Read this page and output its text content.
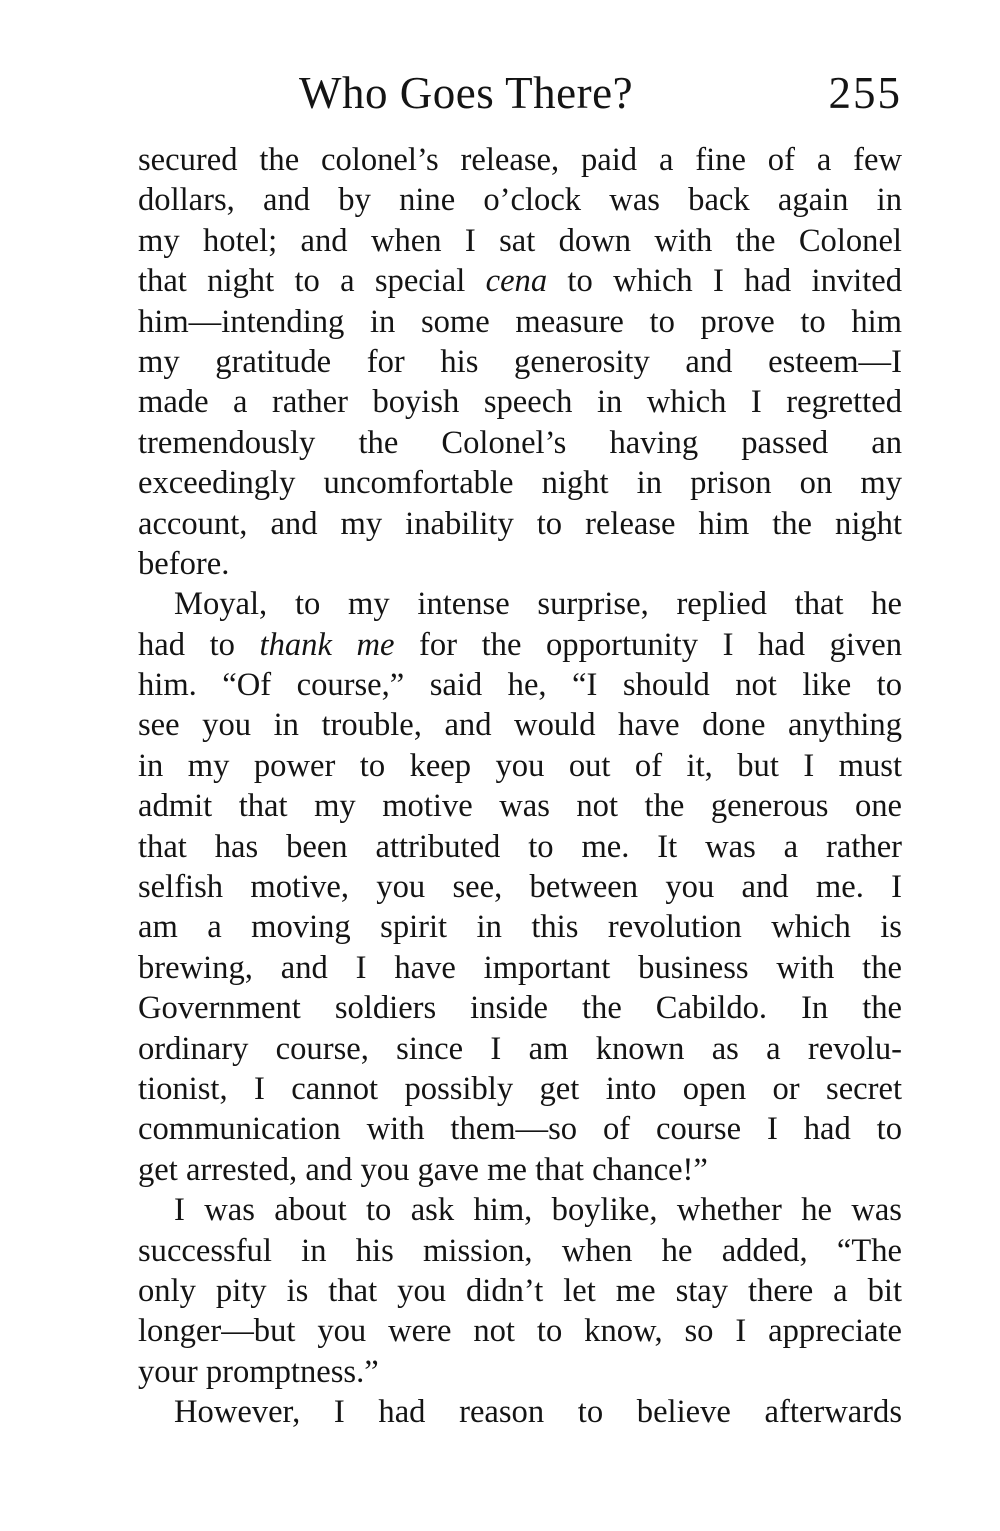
Who Goes There?	255
secured the colonel’s release, paid a fine of a few
dollars, and by nine o’clock was back again in
my hotel; and when I sat down with the Colonel
that night to a special cena to which I had invited
him—intending in some measure to prove to him
my gratitude for his generosity and esteem—I
made a rather boyish speech in which I regretted
tremendously the Colonel’s having passed an
exceedingly uncomfortable night in prison on my
account, and my inability to release him the night
before.
Moyal, to my intense surprise, replied that he
had to thank me for the opportunity I had given
him. “Of course,” said he, “I should not like to
see you in trouble, and would have done anything
in my power to keep you out of it, but I must
admit that my motive was not the generous one
that has been attributed to me. It was a rather
selfish motive, you see, between you and me. I
am a moving spirit in this revolution which is
brewing, and I have important business with the
Government soldiers inside the Cabildo. In the
ordinary course, since I am known as a revolu-
tionist, I cannot possibly get into open or secret
communication with them—so of course I had to
get arrested, and you gave me that chance!”
I was about to ask him, boylike, whether he was
successful in his mission, when he added, “The
only pity is that you didn’t let me stay there a bit
longer—but you were not to know, so I appreciate
your promptness.”
However, I had reason to believe afterwards
